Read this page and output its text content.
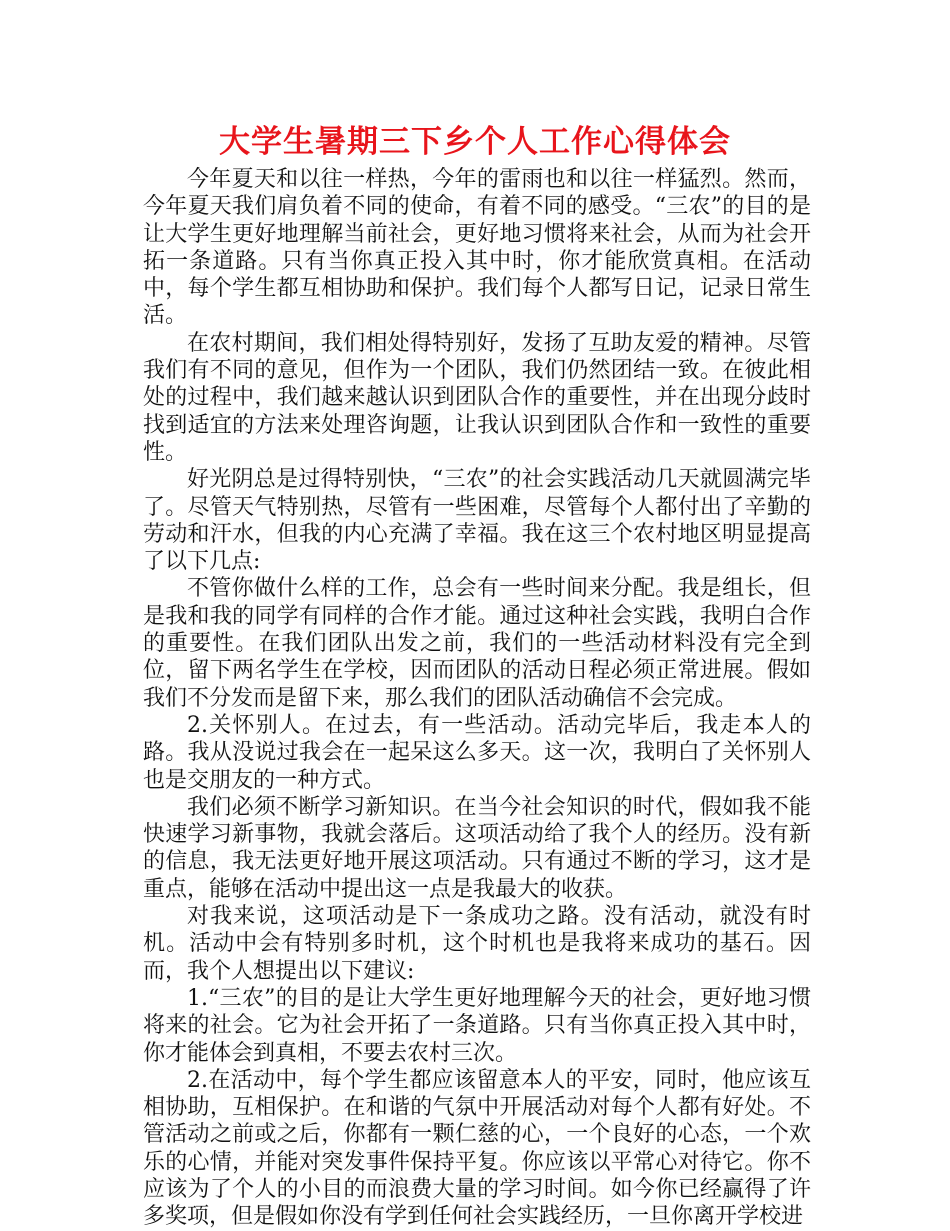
大学生暑期三下乡个人工作心得体会

今年夏天和以往一样热，今年的雷雨也和以往一样猛烈。然而，今年夏天我们肩负着不同的使命，有着不同的感受。“三农”的目的是让大学生更好地理解当前社会，更好地习惯将来社会，从而为社会开拓一条道路。只有当你真正投入其中时，你才能欣赏真相。在活动中，每个学生都互相协助和保护。我们每个人都写日记，记录日常生活。

在农村期间，我们相处得特别好，发扬了互助友爱的精神。尽管我们有不同的意见，但作为一个团队，我们仍然团结一致。在彼此相处的过程中，我们越来越认识到团队合作的重要性，并在出现分歧时找到适宜的方法来处理咨询题，让我认识到团队合作和一致性的重要性。

好光阴总是过得特别快，“三农”的社会实践活动几天就圆满完毕了。尽管天气特别热，尽管有一些困难，尽管每个人都付出了辛勤的劳动和汗水，但我的内心充满了幸福。我在这三个农村地区明显提高了以下几点:

不管你做什么样的工作，总会有一些时间来分配。我是组长，但是我和我的同学有同样的合作才能。通过这种社会实践，我明白合作的重要性。在我们团队出发之前，我们的一些活动材料没有完全到位，留下两名学生在学校，因而团队的活动日程必须正常进展。假如我们不分发而是留下来，那么我们的团队活动确信不会完成。

2.关怀别人。在过去，有一些活动。活动完毕后，我走本人的路。我从没说过我会在一起呆这么多天。这一次，我明白了关怀别人也是交朋友的一种方式。

我们必须不断学习新知识。在当今社会知识的时代，假如我不能快速学习新事物，我就会落后。这项活动给了我个人的经历。没有新的信息，我无法更好地开展这项活动。只有通过不断的学习，这才是重点，能够在活动中提出这一点是我最大的收获。

对我来说，这项活动是下一条成功之路。没有活动，就没有时机。活动中会有特别多时机，这个时机也是我将来成功的基石。因而，我个人想提出以下建议:

1.“三农”的目的是让大学生更好地理解今天的社会，更好地习惯将来的社会。它为社会开拓了一条道路。只有当你真正投入其中时，你才能体会到真相，不要去农村三次。

2.在活动中，每个学生都应该留意本人的平安，同时，他应该互相协助，互相保护。在和谐的气氛中开展活动对每个人都有好处。不管活动之前或之后，你都有一颗仁慈的心，一个良好的心态，一个欢乐的心情，并能对突发事件保持平复。你应该以平常心对待它。你不应该为了个人的小目的而浪费大量的学习时间。如今你已经赢得了许多奖项，但是假如你没有学到任何社会实践经历，一旦你离开学校进
